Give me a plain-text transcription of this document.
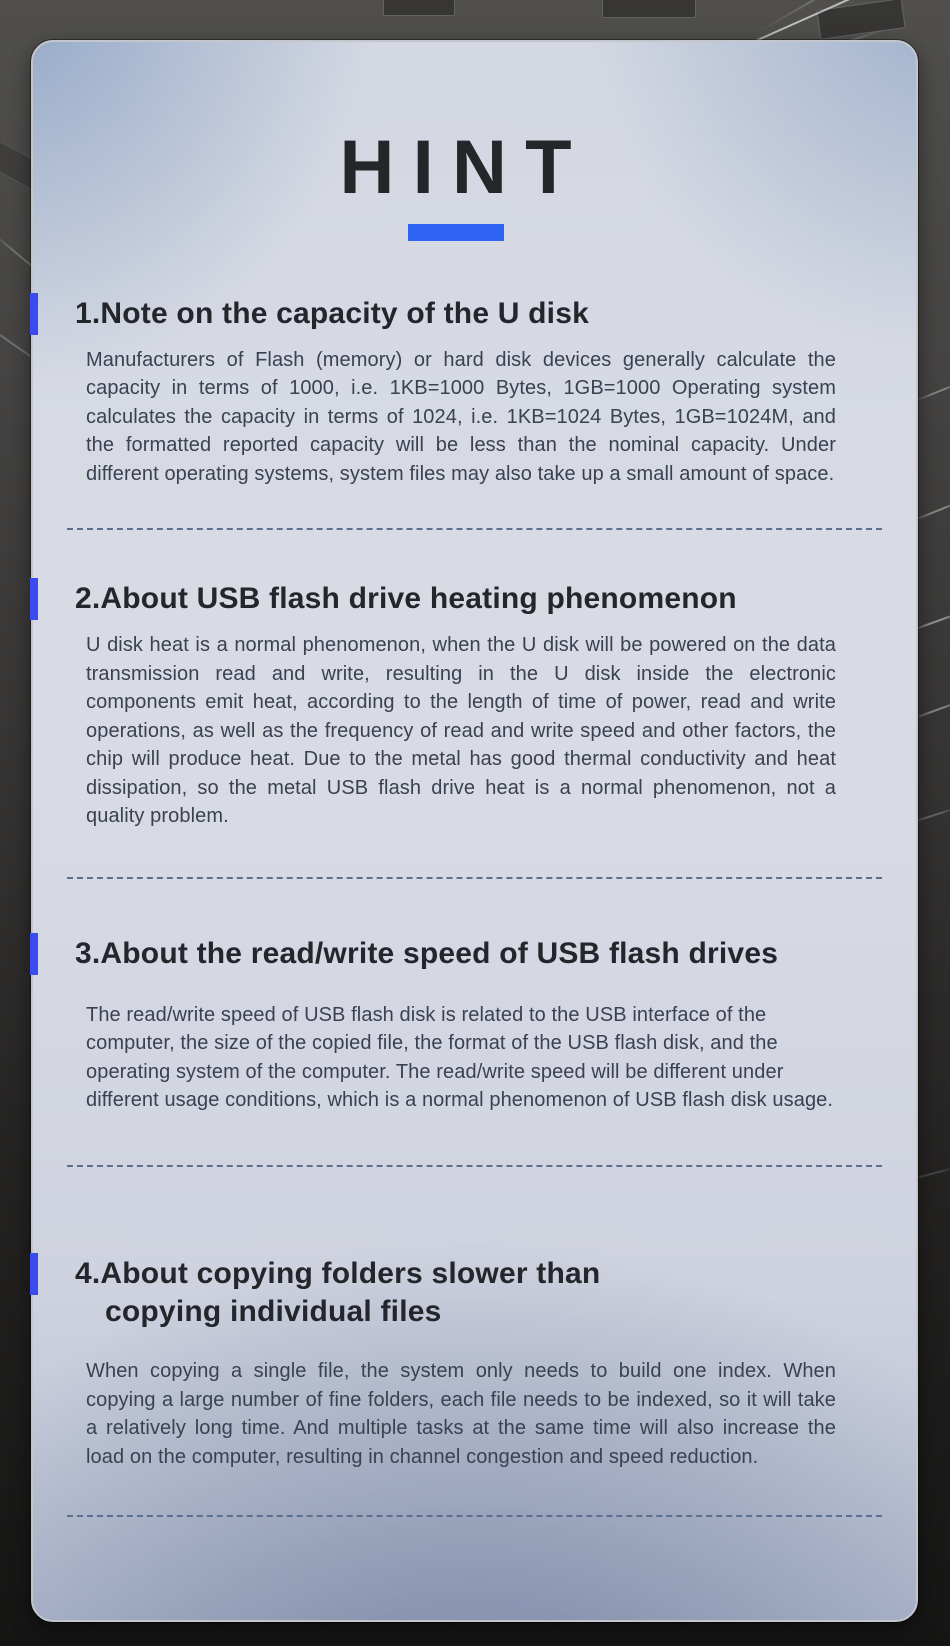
HINT
1.Note on the capacity of the U disk

Manufacturers of Flash (memory) or hard disk devices generally calculate the capacity in terms of 1000, i.e. 1KB=1000 Bytes, 1GB=1000 Operating system calculates the capacity in terms of 1024, i.e. 1KB=1024 Bytes, 1GB=1024M, and the formatted reported capacity will be less than the nominal capacity. Under different operating systems, system files may also take up a small amount of space.

2.About USB flash drive heating phenomenon

U disk heat is a normal phenomenon, when the U disk will be powered on the data transmission read and write, resulting in the U disk inside the electronic components emit heat, according to the length of time of power, read and write operations, as well as the frequency of read and write speed and other factors, the chip will produce heat. Due to the metal has good thermal conductivity and heat dissipation, so the metal USB flash drive heat is a normal phenomenon, not a quality problem.

3.About the read/write speed of USB flash drives

The read/write speed of USB flash disk is related to the USB interface of the computer, the size of the copied file, the format of the USB flash disk, and the operating system of the computer. The read/write speed will be different under different usage conditions, which is a normal phenomenon of USB flash disk usage.

4.About copying folders slower than
copying individual files

When copying a single file, the system only needs to build one index. When copying a large number of fine folders, each file needs to be indexed, so it will take a relatively long time. And multiple tasks at the same time will also increase the load on the computer, resulting in channel congestion and speed reduction.
